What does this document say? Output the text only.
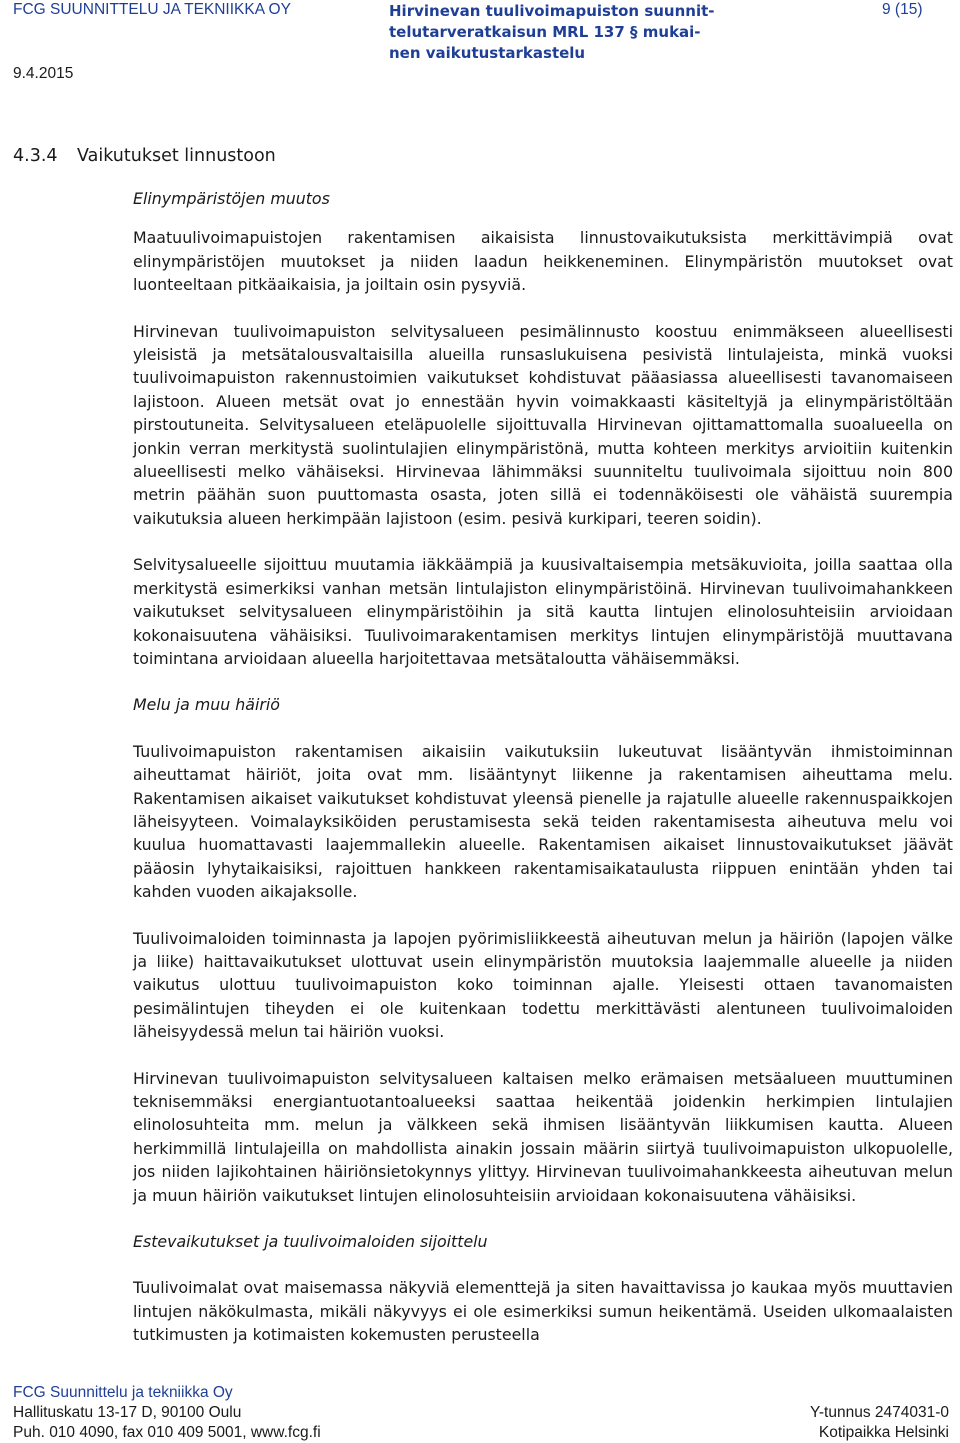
FCG SUUNNITTELU JA TEKNIIKKA OY	Hirvinevan tuulivoimapuiston suunnit-
telutarveratkaisun MRL 137 § mukai-
nen vaikutustarkastelu
9 (15)
9.4.2015
4.3.4 Vaikutukset linnustoon

Elinympäristöjen muutos

Maatuulivoimapuistojen rakentamisen aikaisista linnustovaikutuksista merkittävimpiä ovat elinympäristöjen muutokset ja niiden laadun heikkeneminen. Elinympäristön muutokset ovat luonteeltaan pitkäaikaisia, ja joiltain osin pysyviä.

Hirvinevan tuulivoimapuiston selvitysalueen pesimälinnusto koostuu enimmäkseen alueellisesti yleisistä ja metsätalousvaltaisilla alueilla runsaslukuisena pesivistä lintulajeista, minkä vuoksi tuulivoimapuiston rakennustoimien vaikutukset kohdistuvat pääasiassa alueellisesti tavanomaiseen lajistoon. Alueen metsät ovat jo ennestään hyvin voimakkaasti käsiteltyjä ja elinympäristöltään pirstoutuneita. Selvitysalueen eteläpuolelle sijoittuvalla Hirvinevan ojittamattomalla suoalueella on jonkin verran merkitystä suolintulajien elinympäristönä, mutta kohteen merkitys arvioitiin kuitenkin alueellisesti melko vähäiseksi. Hirvinevaa lähimmäksi suunniteltu tuulivoimala sijoittuu noin 800 metrin päähän suon puuttomasta osasta, joten sillä ei todennäköisesti ole vähäistä suurempia vaikutuksia alueen herkimpään lajistoon (esim. pesivä kurkipari, teeren soidin).

Selvitysalueelle sijoittuu muutamia iäkkäämpiä ja kuusivaltaisempia metsäkuvioita, joilla saattaa olla merkitystä esimerkiksi vanhan metsän lintulajiston elinympäristöinä. Hirvinevan tuulivoimahankkeen vaikutukset selvitysalueen elinympäristöihin ja sitä kautta lintujen elinolosuhteisiin arvioidaan kokonaisuutena vähäisiksi. Tuulivoimarakentamisen merkitys lintujen elinympäristöjä muuttavana toimintana arvioidaan alueella harjoitettavaa metsätaloutta vähäisemmäksi.

Melu ja muu häiriö

Tuulivoimapuiston rakentamisen aikaisiin vaikutuksiin lukeutuvat lisääntyvän ihmistoiminnan aiheuttamat häiriöt, joita ovat mm. lisääntynyt liikenne ja rakentamisen aiheuttama melu. Rakentamisen aikaiset vaikutukset kohdistuvat yleensä pienelle ja rajatulle alueelle rakennuspaikkojen läheisyyteen. Voimalayksiköiden perustamisesta sekä teiden rakentamisesta aiheutuva melu voi kuulua huomattavasti laajemmallekin alueelle. Rakentamisen aikaiset linnustovaikutukset jäävät pääosin lyhytaikaisiksi, rajoittuen hankkeen rakentamisaikataulusta riippuen enintään yhden tai kahden vuoden aikajaksolle.

Tuulivoimaloiden toiminnasta ja lapojen pyörimisliikkeestä aiheutuvan melun ja häiriön (lapojen välke ja liike) haittavaikutukset ulottuvat usein elinympäristön muutoksia laajemmalle alueelle ja niiden vaikutus ulottuu tuulivoimapuiston koko toiminnan ajalle. Yleisesti ottaen tavanomaisten pesimälintujen tiheyden ei ole kuitenkaan todettu merkittävästi alentuneen tuulivoimaloiden läheisyydessä melun tai häiriön vuoksi.

Hirvinevan tuulivoimapuiston selvitysalueen kaltaisen melko erämaisen metsäalueen muuttuminen teknisemmäksi energiantuotantoalueeksi saattaa heikentää joidenkin herkimpien lintulajien elinolosuhteita mm. melun ja välkkeen sekä ihmisen lisääntyvän liikkumisen kautta. Alueen herkimmillä lintulajeilla on mahdollista ainakin jossain määrin siirtyä tuulivoimapuiston ulkopuolelle, jos niiden lajikohtainen häiriönsietokynnys ylittyy. Hirvinevan tuulivoimahankkeesta aiheutuvan melun ja muun häiriön vaikutukset lintujen elinolosuhteisiin arvioidaan kokonaisuutena vähäisiksi.

Estevaikutukset ja tuulivoimaloiden sijoittelu

Tuulivoimalat ovat maisemassa näkyviä elementtejä ja siten havaittavissa jo kaukaa myös muuttavien lintujen näkökulmasta, mikäli näkyvyys ei ole esimerkiksi sumun heikentämä. Useiden ulkomaalaisten tutkimusten ja kotimaisten kokemusten perusteella

FCG Suunnittelu ja tekniikka Oy
Hallituskatu 13-17 D, 90100 Oulu	Y-tunnus 2474031-0
Puh. 010 4090, fax 010 409 5001, www.fcg.fi	Kotipaikka Helsinki
